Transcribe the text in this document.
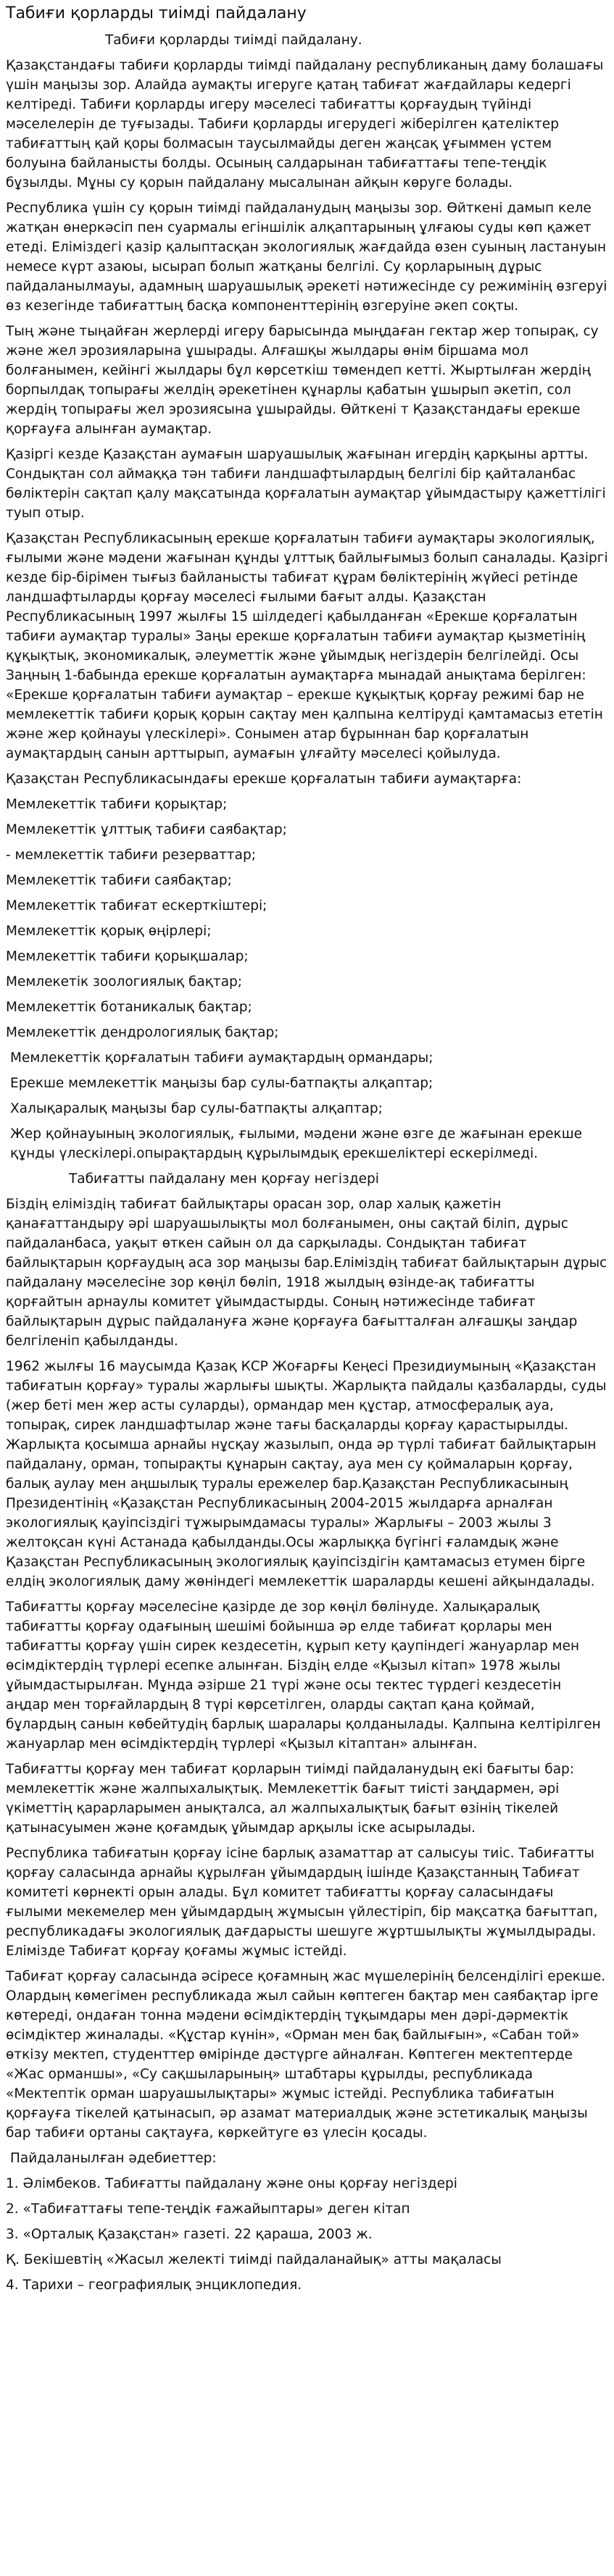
Табиғи қорларды тиімді пайдалану

Табиғи қорларды тиімді пайдалану.

Қазақстандағы табиғи қорларды тиімді пайдалану республиканың даму болашағы үшін маңызы зор. Алайда аумақты игеруге қатаң табиғат жағдайлары кедергі келтіреді. Табиғи қорларды игеру мәселесі табиғатты қорғаудың түйінді мәселелерін де туғызады. Табиғи қорларды игерудегі жіберілген қателіктер табиғаттың қай қоры болмасын таусылмайды деген жаңсақ ұғыммен үстем болуына байланысты болды. Осының салдарынан табиғаттағы тепе-теңдік бұзылды. Мұны су қорын пайдалану мысалынан айқын көруге болады.

Республика үшін су қорын тиімді пайдаланудың маңызы зор. Өйткені дамып келе жатқан өнеркәсіп пен суармалы егіншілік алқаптарының ұлғаюы суды көп қажет етеді. Еліміздегі қазір қалыптасқан экологиялық жағдайда өзен суының ластануын немесе күрт азаюы, ысырап болып жатқаны белгілі. Су қорларының дұрыс пайдаланылмауы, адамның шаруашылық әрекеті нәтижесінде су режимінің өзгеруі өз кезегінде табиғаттың басқа компоненттерінің өзгеруіне әкеп соқты.

Тың және тыңайған жерлерді игеру барысында мыңдаған гектар жер топырақ, су және жел эрозияларына ұшырады. Алғашқы жылдары өнім біршама мол болғанымен, кейінгі жылдары бұл көрсеткіш төмендеп кетті. Жыртылған жердің борпылдақ топырағы желдің әрекетінен құнарлы қабатын ұшырып әкетіп, сол жердің топырағы жел эрозиясына ұшырайды. Өйткені т Қазақстандағы ерекше қорғауға алынған аумақтар.

Қазіргі кезде Қазақстан аумағын шаруашылық жағынан игердің қарқыны артты. Сондықтан сол аймаққа тән табиғи ландшафтылардың белгілі бір қайталанбас бөліктерін сақтап қалу мақсатында қорғалатын аумақтар ұйымдастыру қажеттілігі туып отыр.

Қазақстан Республикасының ерекше қорғалатын табиғи аумақтары экологиялық, ғылыми және мәдени жағынан құнды ұлттық байлығымыз болып саналады. Қазіргі кезде бір-бірімен тығыз байланысты табиғат құрам бөліктерінің жүйесі ретінде ландшафтыларды қорғау мәселесі ғылыми бағыт алды. Қазақстан Республикасының 1997 жылғы 15 шілдедегі қабылданған «Ерекше қорғалатын табиғи аумақтар туралы» Заңы ерекше қорғалатын табиғи аумақтар қызметінің құқықтық, экономикалық, әлеуметтік және ұйымдық негіздерін белгілейді. Осы Заңның 1-бабында ерекше қорғалатын аумақтарға мынадай анықтама берілген: «Ерекше қорғалатын табиғи аумақтар – ерекше құқықтық қорғау режимі бар не мемлекеттік табиғи қорық қорын сақтау мен қалпына келтіруді қамтамасыз ететін және жер қойнауы үлескілері». Сонымен атар бұрыннан бар қорғалатын аумақтардың санын арттырып, аумағын ұлғайту мәселесі қойылуда.

Қазақстан Республикасындағы ерекше қорғалатын табиғи аумақтарға:

Мемлекеттік табиғи қорықтар;

Мемлекеттік ұлттық табиғи саябақтар;

- мемлекеттік табиғи резерваттар;

Мемлекеттік табиғи саябақтар;

Мемлекеттік табиғат ескерткіштері;

Мемлекеттік қорық өңірлері;

Мемлекеттік табиғи қорықшалар;

Мемлекетік зоологиялық бақтар;

Мемлекеттік ботаникалық бақтар;

Мемлекеттік дендрологиялық бақтар;

Мемлекеттік қорғалатын табиғи аумақтардың ормандары;

Ерекше мемлекеттік маңызы бар сулы-батпақты алқаптар;

Халықаралық маңызы бар сулы-батпақты алқаптар;

Жер қойнауының экологиялық, ғылыми, мәдени және өзге де жағынан ерекше құнды үлескілері.опырақтардың құрылымдық ерекшеліктері ескерілмеді.

Табиғатты пайдалану мен қорғау негіздері

Біздің еліміздің табиғат байлықтары орасан зор, олар халық қажетін қанағаттандыру әрі шаруашылықты мол болғанымен, оны сақтай біліп, дұрыс пайдаланбаса, уақыт өткен сайын ол да сарқылады. Сондықтан табиғат байлықтарын қорғаудың аса зор маңызы бар.Еліміздің табиғат байлықтарын дұрыс пайдалану мәселесіне зор көңіл бөліп, 1918 жылдың өзінде-ақ табиғатты қорғайтын арнаулы комитет ұйымдастырды. Соның нәтижесінде табиғат байлықтарын дұрыс пайдалануға және қорғауға бағытталған алғашқы заңдар белгіленіп қабылданды.

1962 жылғы 16 маусымда Қазақ КСР Жоғарғы Кеңесі Президиумының «Қазақстан табиғатын қорғау» туралы жарлығы шықты. Жарлықта пайдалы қазбаларды, суды (жер беті мен жер асты суларды), ормандар мен құстар, атмосфералық ауа, топырақ, сирек ландшафтылар және тағы басқаларды қорғау қарастырылды. Жарлықта қосымша арнайы нұсқау жазылып, онда әр түрлі табиғат байлықтарын пайдалану, орман, топырақты құнарын сақтау, ауа мен су қоймаларын қорғау, балық аулау мен аңшылық туралы ережелер бар.Қазақстан Республикасының Президентінің «Қазақстан Республикасының 2004-2015 жылдарға арналған экологиялық қауіпсіздігі тұжырымдамасы туралы» Жарлығы – 2003 жылы 3 желтоқсан күні Астанада қабылданды.Осы жарлыққа бүгінгі ғаламдық және Қазақстан Республикасының экологиялық қауіпсіздігін қамтамасыз етумен бірге елдің экологиялық даму жөніндегі мемлекеттік шараларды кешені айқындалады.

Табиғатты қорғау мәселесіне қазірде де зор көңіл бөлінуде. Халықаралық табиғатты қорғау одағының шешімі бойынша әр елде табиғат қорлары мен табиғатты қорғау үшін сирек кездесетін, құрып кету қаупіндегі жануарлар мен өсімдіктердің түрлері есепке алынған. Біздің елде «Қызыл кітап» 1978 жылы ұйымдастырылған. Мұнда әзірше 21 түрі және осы тектес түрдегі кездесетін аңдар мен торғайлардың 8 түрі көрсетілген, оларды сақтап қана қоймай, бұлардың санын көбейтудің барлық шаралары қолданылады. Қалпына келтірілген жануарлар мен өсімдіктердің түрлері «Қызыл кітаптан» алынған.

Табиғатты қорғау мен табиғат қорларын тиімді пайдаланудың екі бағыты бар: мемлекеттік және жалпыхалықтық. Мемлекеттік бағыт тиісті заңдармен, әрі үкіметтің қарарларымен анықталса, ал жалпыхалықтық бағыт өзінің тікелей қатынасуымен және қоғамдық ұйымдар арқылы іске асырылады.

Республика табиғатын қорғау ісіне барлық азаматтар ат салысуы тиіс. Табиғатты қорғау саласында арнайы құрылған ұйымдардың ішінде Қазақстанның Табиғат комитеті көрнекті орын алады. Бұл комитет табиғатты қорғау саласындағы ғылыми мекемелер мен ұйымдардың жұмысын үйлестіріп, бір мақсатқа бағыттап, республикадағы экологиялық дағдарысты шешуге жұртшылықты жұмылдырады. Елімізде Табиғат қорғау қоғамы жұмыс істейді.

Табиғат қорғау саласында әсіресе қоғамның жас мүшелерінің белсенділігі ерекше. Олардың көмегімен республикада жыл сайын көптеген бақтар мен саябақтар ірге көтереді, ондаған тонна мәдени өсімдіктердің тұқымдары мен дәрі-дәрмектік өсімдіктер жиналады. «Құстар күнін», «Орман мен бақ байлығын», «Сабан той» өткізу мектеп, студенттер өмірінде дәстүрге айналған. Көптеген мектептерде «Жас орманшы», «Су сақшыларының» штабтары құрылды, республикада «Мектептік орман шаруашылықтары» жұмыс істейді. Республика табиғатын қорғауға тікелей қатынасып, әр азамат материалдық және эстетикалық маңызы бар табиғи ортаны сақтауға, көркейтуге өз үлесін қосады.

Пайдаланылған әдебиеттер:

1. Әлімбеков. Табиғатты пайдалану және оны қорғау негіздері

2. «Табиғаттағы тепе-теңдік ғажайыптары» деген кітап

3. «Орталық Қазақстан» газеті. 22 қараша, 2003 ж.

Қ. Бекішевтің «Жасыл желекті тиімді пайдаланайық» атты мақаласы

4. Тарихи – географиялық энциклопедия.
